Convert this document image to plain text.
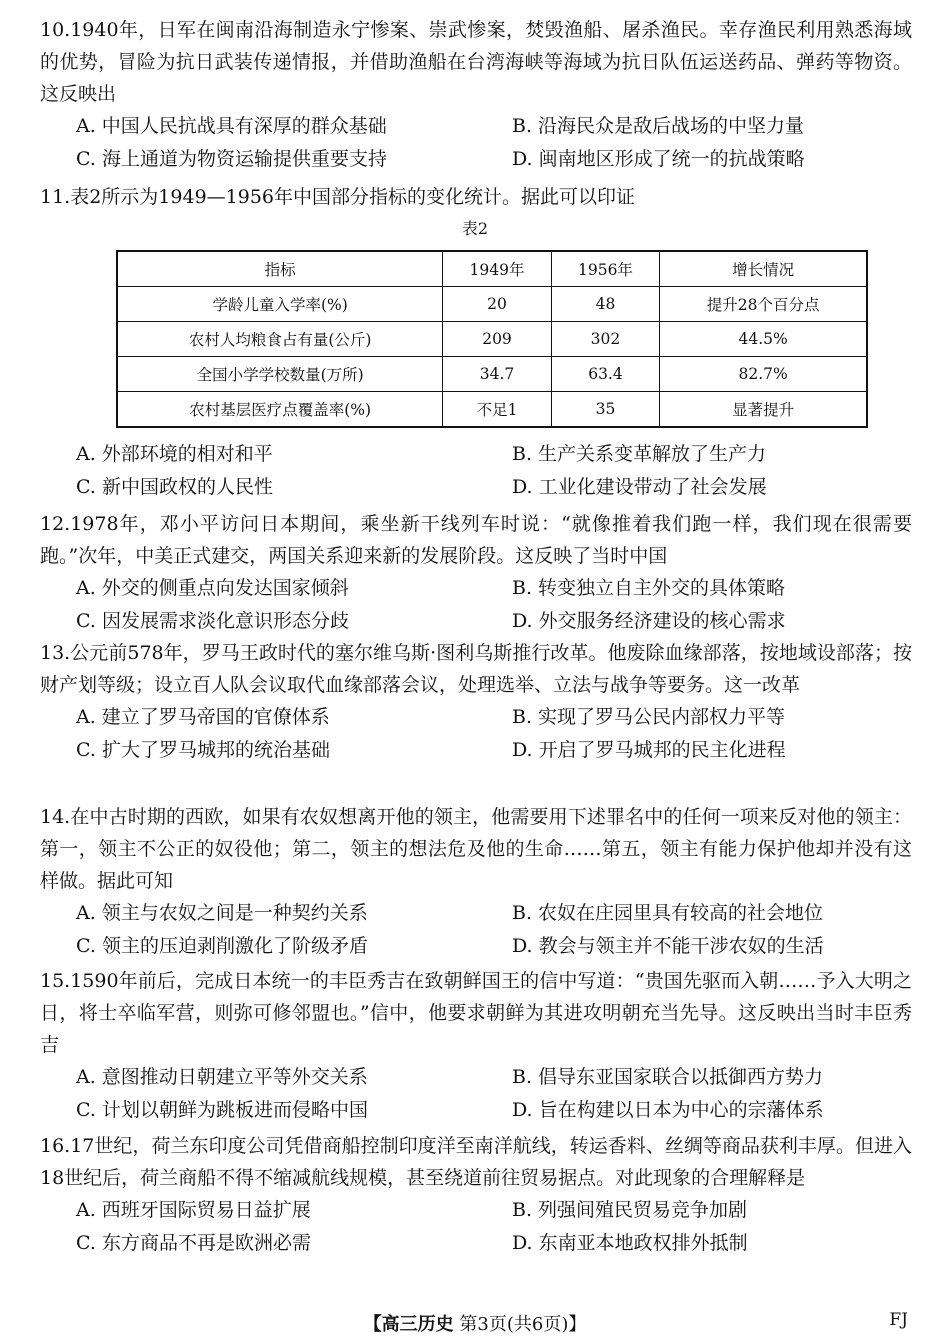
10.1940年，日军在闽南沿海制造永宁惨案、崇武惨案，焚毁渔船、屠杀渔民。幸存渔民利用熟悉海域的优势，冒险为抗日武装传递情报，并借助渔船在台湾海峡等海域为抗日队伍运送药品、弹药等物资。这反映出

A. 中国人民抗战具有深厚的群众基础	B. 沿海民众是敌后战场的中坚力量
C. 海上通道为物资运输提供重要支持	D. 闽南地区形成了统一的抗战策略

11.表2所示为1949—1956年中国部分指标的变化统计。据此可以印证

表2
指标	1949年	1956年	增长情况
学龄儿童入学率(%)	20	48	提升28个百分点
农村人均粮食占有量(公斤)	209	302	44.5%
全国小学学校数量(万所)	34.7	63.4	82.7%
农村基层医疗点覆盖率(%)	不足1	35	显著提升
A. 外部环境的相对和平	B. 生产关系变革解放了生产力
C. 新中国政权的人民性	D. 工业化建设带动了社会发展

12.1978年，邓小平访问日本期间，乘坐新干线列车时说：“就像推着我们跑一样，我们现在很需要跑。”次年，中美正式建交，两国关系迎来新的发展阶段。这反映了当时中国

A. 外交的侧重点向发达国家倾斜	B. 转变独立自主外交的具体策略
C. 因发展需求淡化意识形态分歧	D. 外交服务经济建设的核心需求

13.公元前578年，罗马王政时代的塞尔维乌斯·图利乌斯推行改革。他废除血缘部落，按地域设部落；按财产划等级；设立百人队会议取代血缘部落会议，处理选举、立法与战争等要务。这一改革

A. 建立了罗马帝国的官僚体系	B. 实现了罗马公民内部权力平等
C. 扩大了罗马城邦的统治基础	D. 开启了罗马城邦的民主化进程

14.在中古时期的西欧，如果有农奴想离开他的领主，他需要用下述罪名中的任何一项来反对他的领主：第一，领主不公正的奴役他；第二，领主的想法危及他的生命……第五，领主有能力保护他却并没有这样做。据此可知

A. 领主与农奴之间是一种契约关系	B. 农奴在庄园里具有较高的社会地位
C. 领主的压迫剥削激化了阶级矛盾	D. 教会与领主并不能干涉农奴的生活

15.1590年前后，完成日本统一的丰臣秀吉在致朝鲜国王的信中写道：“贵国先驱而入朝……予入大明之日，将士卒临军营，则弥可修邻盟也。”信中，他要求朝鲜为其进攻明朝充当先导。这反映出当时丰臣秀吉

A. 意图推动日朝建立平等外交关系	B. 倡导东亚国家联合以抵御西方势力
C. 计划以朝鲜为跳板进而侵略中国	D. 旨在构建以日本为中心的宗藩体系

16.17世纪，荷兰东印度公司凭借商船控制印度洋至南洋航线，转运香料、丝绸等商品获利丰厚。但进入18世纪后，荷兰商船不得不缩减航线规模，甚至绕道前往贸易据点。对此现象的合理解释是

A. 西班牙国际贸易日益扩展	B. 列强间殖民贸易竞争加剧
C. 东方商品不再是欧洲必需	D. 东南亚本地政权排外抵制
【高三历史 第3页(共6页)】	FJ
